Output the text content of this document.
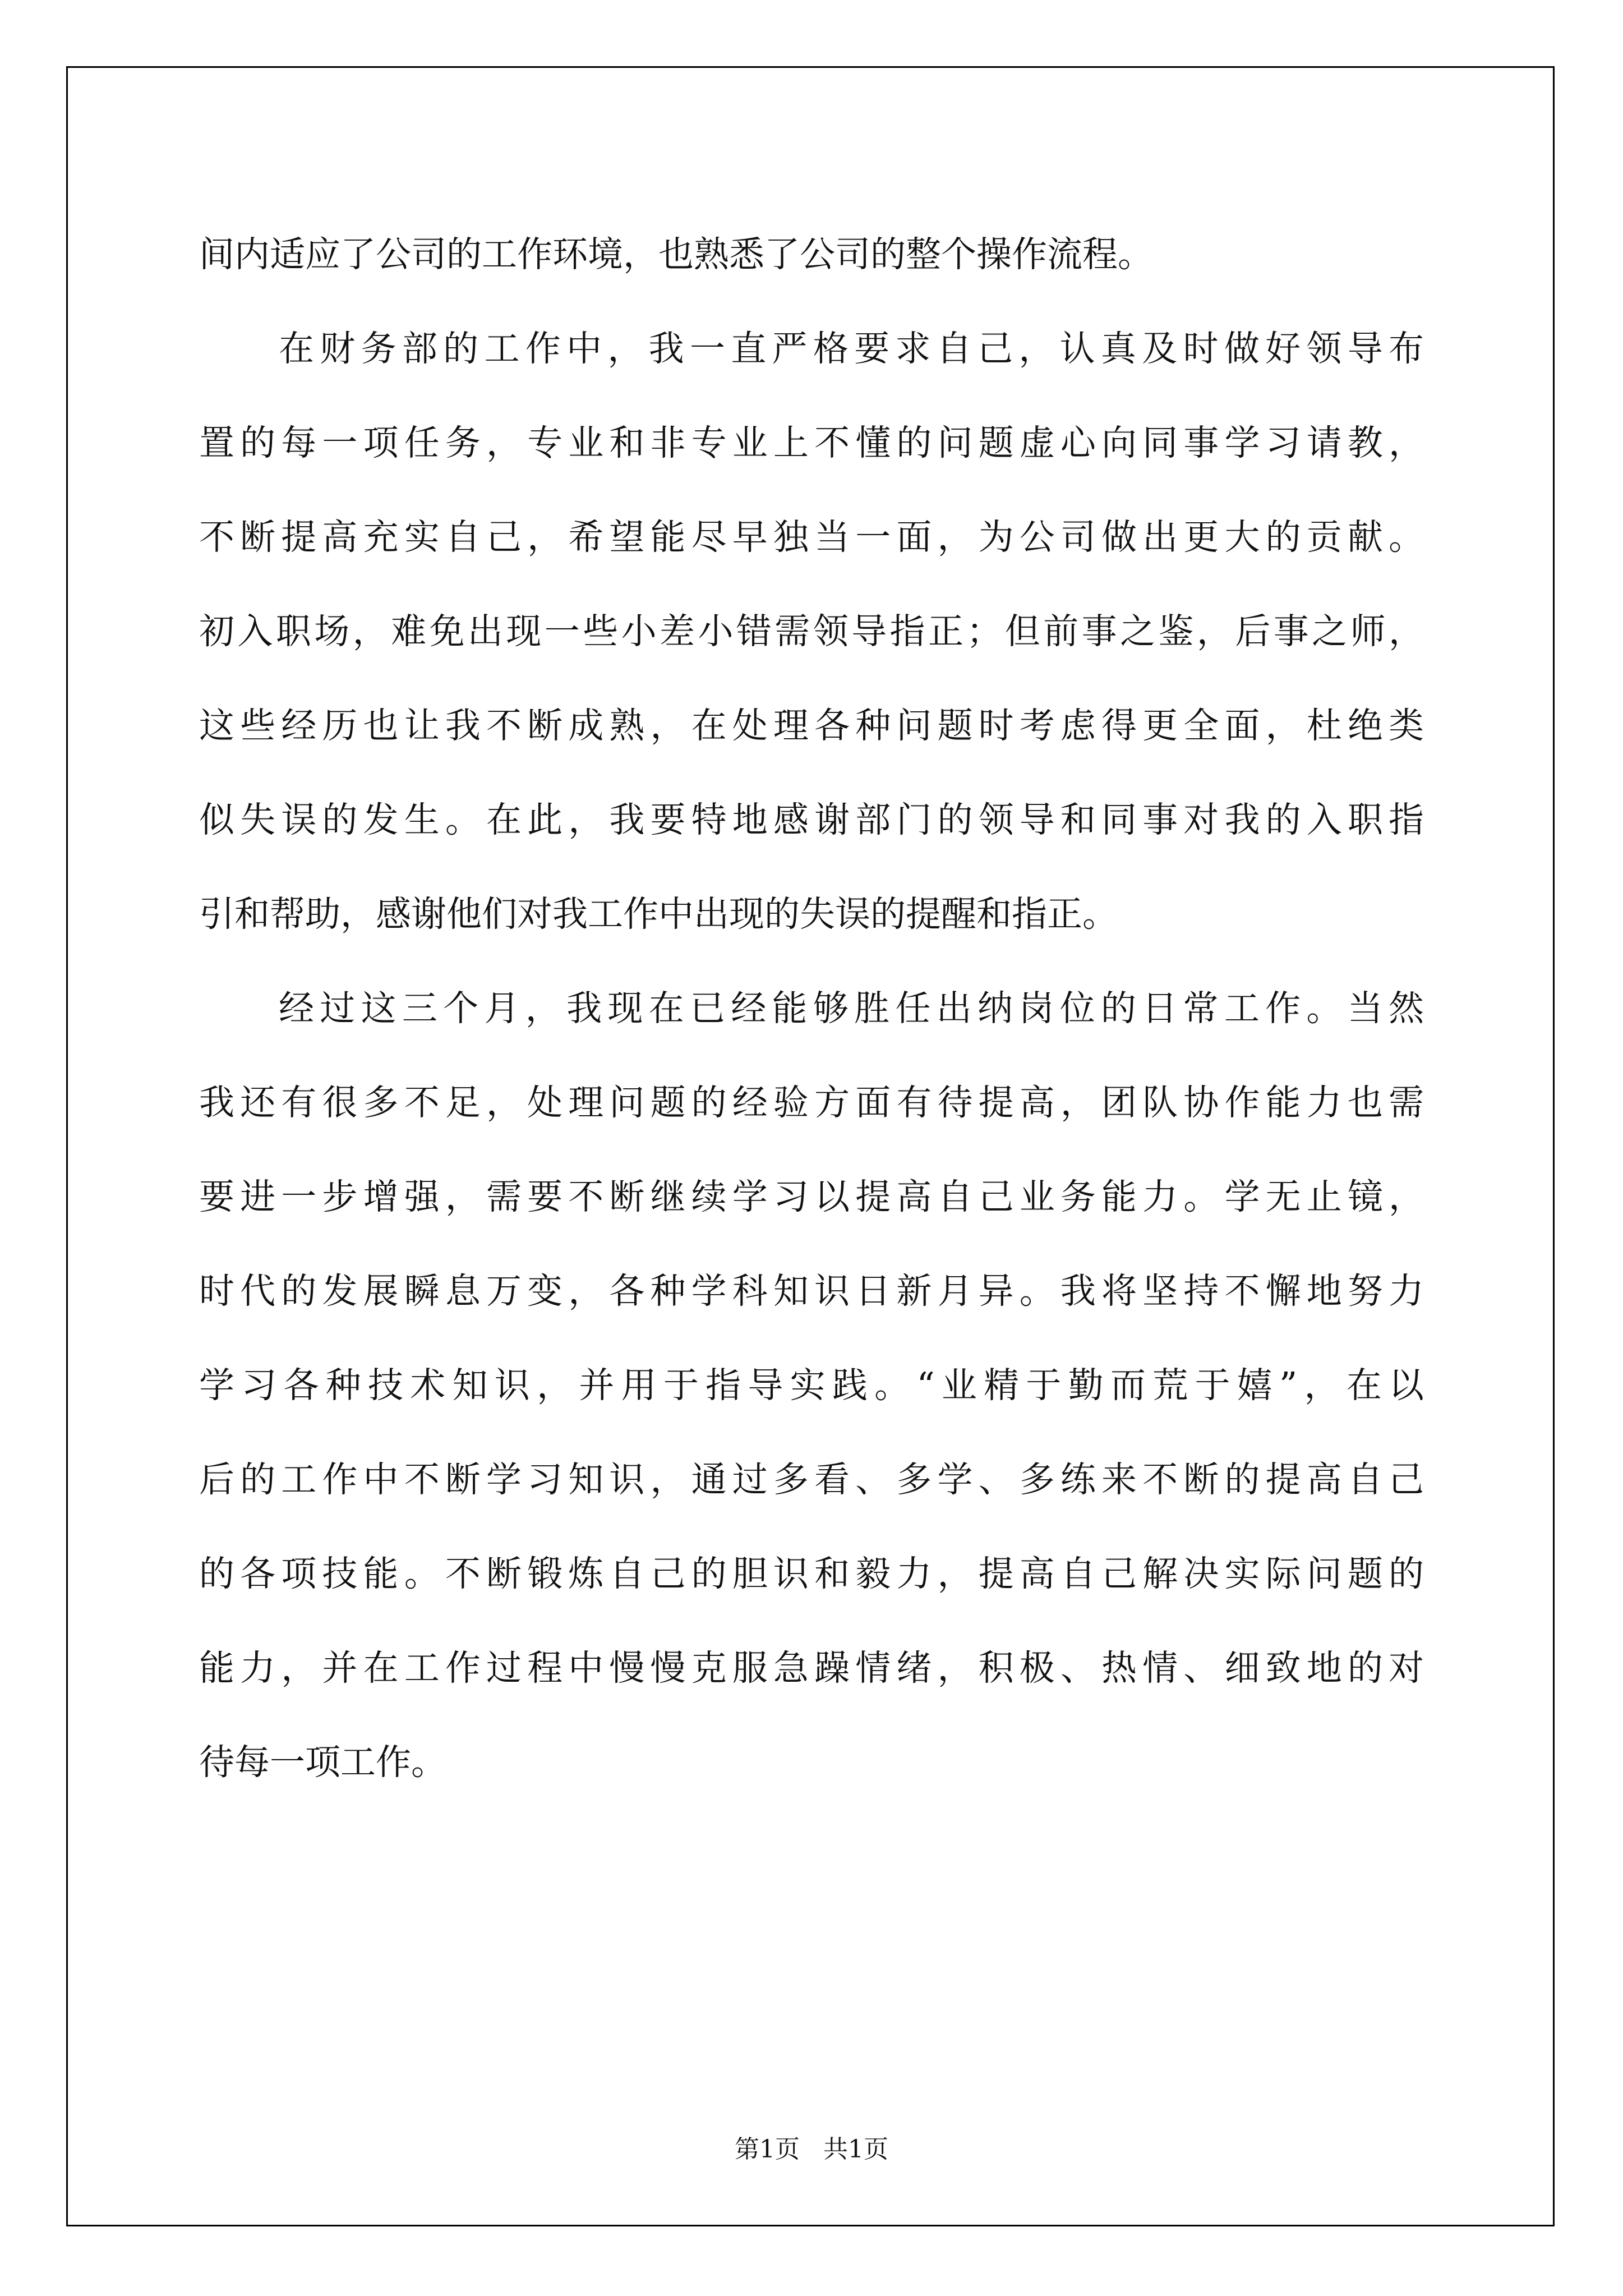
间内适应了公司的工作环境，也熟悉了公司的整个操作流程。
在财务部的工作中，我一直严格要求自己，认真及时做好领导布
置的每一项任务，专业和非专业上不懂的问题虚心向同事学习请教，
不断提高充实自己，希望能尽早独当一面，为公司做出更大的贡献。
初入职场，难免出现一些小差小错需领导指正；但前事之鉴，后事之师，
这些经历也让我不断成熟，在处理各种问题时考虑得更全面，杜绝类
似失误的发生。在此，我要特地感谢部门的领导和同事对我的入职指
引和帮助，感谢他们对我工作中出现的失误的提醒和指正。
经过这三个月，我现在已经能够胜任出纳岗位的日常工作。当然
我还有很多不足，处理问题的经验方面有待提高，团队协作能力也需
要进一步增强，需要不断继续学习以提高自己业务能力。学无止镜，
时代的发展瞬息万变，各种学科知识日新月异。我将坚持不懈地努力
学习各种技术知识，并用于指导实践。“业精于勤而荒于嬉”，在以
后的工作中不断学习知识，通过多看、多学、多练来不断的提高自己
的各项技能。不断锻炼自己的胆识和毅力，提高自己解决实际问题的
能力，并在工作过程中慢慢克服急躁情绪，积极、热情、细致地的对
待每一项工作。
第1页   共1页
